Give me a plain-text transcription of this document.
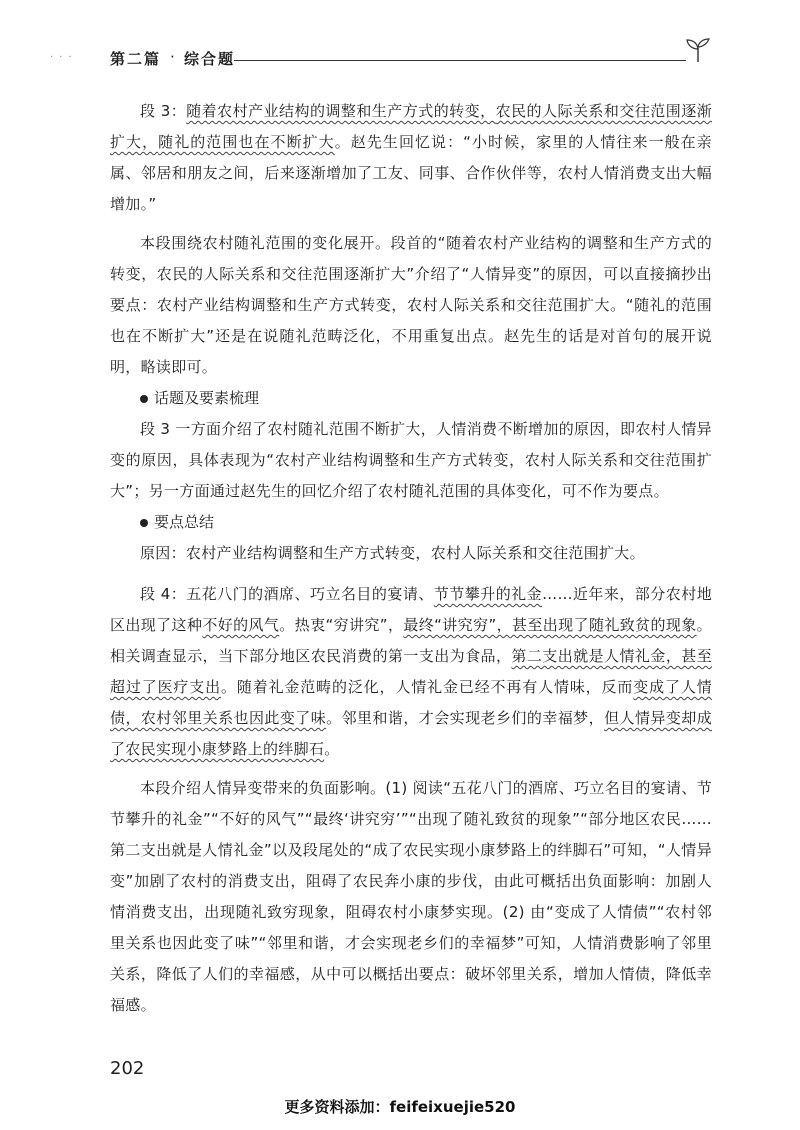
··· 第二篇 · 综合题

段 3：随着农村产业结构的调整和生产方式的转变，农民的人际关系和交往范围逐渐扩大，随礼的范围也在不断扩大。赵先生回忆说：“小时候，家里的人情往来一般在亲属、邻居和朋友之间，后来逐渐增加了工友、同事、合作伙伴等，农村人情消费支出大幅增加。”

本段围绕农村随礼范围的变化展开。段首的“随着农村产业结构的调整和生产方式的转变，农民的人际关系和交往范围逐渐扩大”介绍了“人情异变”的原因，可以直接摘抄出要点：农村产业结构调整和生产方式转变，农村人际关系和交往范围扩大。“随礼的范围也在不断扩大”还是在说随礼范畴泛化，不用重复出点。赵先生的话是对首句的展开说明，略读即可。

话题及要素梳理

段 3 一方面介绍了农村随礼范围不断扩大，人情消费不断增加的原因，即农村人情异变的原因，具体表现为“农村产业结构调整和生产方式转变，农村人际关系和交往范围扩大”；另一方面通过赵先生的回忆介绍了农村随礼范围的具体变化，可不作为要点。

要点总结

原因：农村产业结构调整和生产方式转变，农村人际关系和交往范围扩大。

段 4：五花八门的酒席、巧立名目的宴请、节节攀升的礼金……近年来，部分农村地区出现了这种不好的风气。热衷“穷讲究”，最终“讲究穷”，甚至出现了随礼致贫的现象。相关调查显示，当下部分地区农民消费的第一支出为食品，第二支出就是人情礼金，甚至超过了医疗支出。随着礼金范畴的泛化，人情礼金已经不再有人情味，反而变成了人情债，农村邻里关系也因此变了味。邻里和谐，才会实现老乡们的幸福梦，但人情异变却成了农民实现小康梦路上的绊脚石。

本段介绍人情异变带来的负面影响。(1) 阅读“五花八门的酒席、巧立名目的宴请、节节攀升的礼金”“不好的风气”“最终‘讲究穷’”“出现了随礼致贫的现象”“部分地区农民……第二支出就是人情礼金”以及段尾处的“成了农民实现小康梦路上的绊脚石”可知，“人情异变”加剧了农村的消费支出，阻碍了农民奔小康的步伐，由此可概括出负面影响：加剧人情消费支出，出现随礼致穷现象，阻碍农村小康梦实现。(2) 由“变成了人情债”“农村邻里关系也因此变了味”“邻里和谐，才会实现老乡们的幸福梦”可知，人情消费影响了邻里关系，降低了人们的幸福感，从中可以概括出要点：破坏邻里关系，增加人情债，降低幸福感。

202
更多资料添加：feifeixuejie520
